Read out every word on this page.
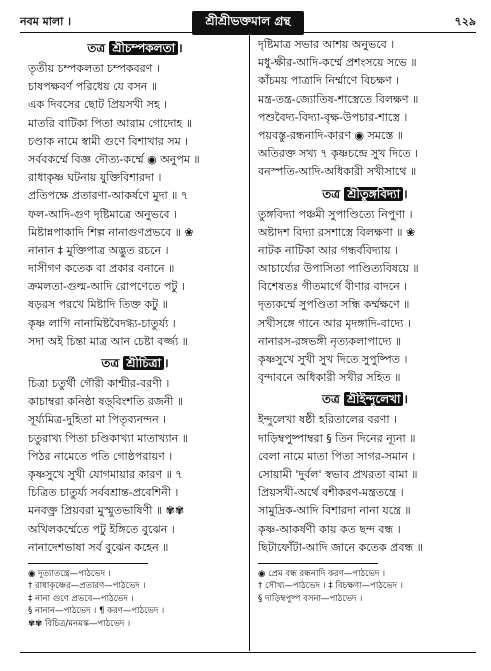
নবম মালা ।	শ্রীশ্রীভক্তমাল গ্রন্থ	৭২৯
তত্র শ্রীচম্পকলতা ।
তৃতীয় চম্পকলতা চম্পকবরণ ।
চাষপক্ষবর্ণ পরিধেয় যে বসন ॥
এক দিবসের ছোট প্রিয়সখী সহ ।
মাতরি বাটিকা পিতা আরাম গোদোহ ॥
চণ্ডাক নামে স্বামী গুণে বিশাখার সম ।
সর্ববকর্ম্মে বিজ্ঞ দৌত্য-কর্ম্মে ◉ অনুপম ॥
রাধাকৃষ্ণ ঘটনায় যুক্তিবিশারদা ।
প্রতিপক্ষে প্রতারণা-আকর্ষণে মুদা ॥ ৭
ফল-আদি-গুণ দৃষ্টিমাত্রে অনুভবে ।
মিষ্টান্নপাকাদি শিল্প নানাগুণপ্রভবে ॥ ❀
নানান ‡ মুক্তিপাত্র অদ্ভুত রচনে ।
দাসীগণ কতেক বা প্রকার বনানে ॥
ক্রমলতা-গুল্ম-আদি রোপণেতে পটু ।
ষড়রস পরখে মিষ্টাদি তিক্ত কটু ॥
কৃষ্ণ লাগি নানামিষ্টবৈদগ্ধ্য-চাতুর্য্য ।
সদা অই চিন্তা মাত্র আন চেষ্টা বৰ্জ্জ্য ॥
তত্র শ্রীচিত্রা ।
চিত্রা চতুর্থী গৌরী কাশ্মীর-বরণী ।
কাচাম্বরা কনিষ্ঠা ষড়্‌বিংশতি রজনী ॥
সূর্য্যমিত্র-দুহিতা মা পিতৃব্যনন্দন ।
চতুরাখ্য পিতা চণ্ডিকাখ্যা মাতাখ্যান ॥
পিঠর নামেতে পতি গোষ্ঠপরায়ণ ।
কৃষ্ণসুখে সুখী যোগমায়ার কারণ ॥ ৭
চিত্রিত চাতুর্য্য সর্ববশ্রান্ত-প্রবেশিনী ।
মনবক্ত্র প্রিয়বরা মুস্মুতভাষিণী ॥ ✾✾
অখিলকর্ম্মেতে পটু ইঙ্গিতে বুঝেন ।
নানাদেশভাষা সর্ব বুঝেন কহেন ॥
◉ দূত্যাতন্ত্রে—পাঠভেদ ।
† রাধাকৃষ্ণের—প্রতারণ—পাঠভেদ ।
‡ নানা গুণে প্রভবে—পাঠভেদ ।
§ নানান—পাঠভেদ । ¶ করণ—পাঠভেদ ।
✾✾ বিচিত্র/মনমস্ক—পাঠভেদ ।
দৃষ্টিমাত্র সভার আশয় অনুভবে ।
মধু-ক্ষীর-আদি-কর্ম্মে প্রশংসয়ে সভে ॥
কাঁচময় পাত্রাদি নির্ম্মাণে বিচক্ষণ ।
মন্ত্র-তন্ত্র-জ্যোতিষ-শাস্ত্রেতে বিলক্ষণ ॥
পশুবৈদ্য-বিদ্যা-বৃক্ষ-উপচার-শাস্ত্রে ।
পয়বস্তু-রন্ধনাদি-কারণ ◉ সমস্তে ॥
অতিরক্ত সখ্য ৭ কৃষ্ণচন্দ্রে সুখ দিতে ।
বনস্পতি-আদি-অধিকারী সখীসাথে ॥
তত্র শ্রীতুঙ্গবিদ্যা ।
তুঙ্গবিদ্যা পঞ্চমী সুপাণ্ডিত্যে নিপুণা ।
অষ্টাদশ বিদ্যা রসশাস্ত্রে বিলক্ষণা ॥ ❀
নাটক নাটিকা আর গন্ধর্ববিদ্যায় ।
আচার্য্যের উপাসিতা পাণ্ডিত্যবিষয়ে ॥
বিশেষতঃ গীতমার্গে বীণার বাদনে ।
দৃত্যকর্ম্মে সুপণ্ডিতা সন্ধি কর্ম্মক্ষণে ॥
সখীসঙ্গে গানে আর মৃদঙ্গাদি-বাদ্যে ।
নানারস-রঙ্গভঙ্গী নৃত্যকলাপাদ্যে ॥
কৃষ্ণসুখে সুখী সুখ দিতে সুপুষ্পিত ।
বৃন্দাবনে অধিকারী সখীর সহিত ॥
তত্র শ্রীইন্দুলেখা ।
ইন্দুলেখা ষষ্ঠী হরিতালের বরণা ।
দাড়িম্বপুষ্পাম্বরা § তিন দিনের ন্যূনা ॥
বেলা নামে মাতা পিতা সাগর-সমান ।
সোয়ামী 'দুর্বল' স্বভাব প্রখরতা বামা ॥
প্রিয়সখী-অর্থে বশীকরণ-মন্ত্রতন্ত্রে ।
সামুদ্রিক-আদি বিশারদা নানা যন্ত্রে ॥
কৃষ্ণ-আকর্ষণী কায় কত ছন্দ বন্ধ ।
ছিটাফোঁটা-আদি জানে কতেক প্রবন্ধ ॥
◉ প্রেম বন্ধ রন্ধনাদি করণ—পাঠভেদ ।
† সৌখ্য—পাঠভেদ । ‡ বিচক্ষণা—পাঠভেদ ।
§ দাড়িম্বপুষ্প বসনা—পাঠভেদ ।
